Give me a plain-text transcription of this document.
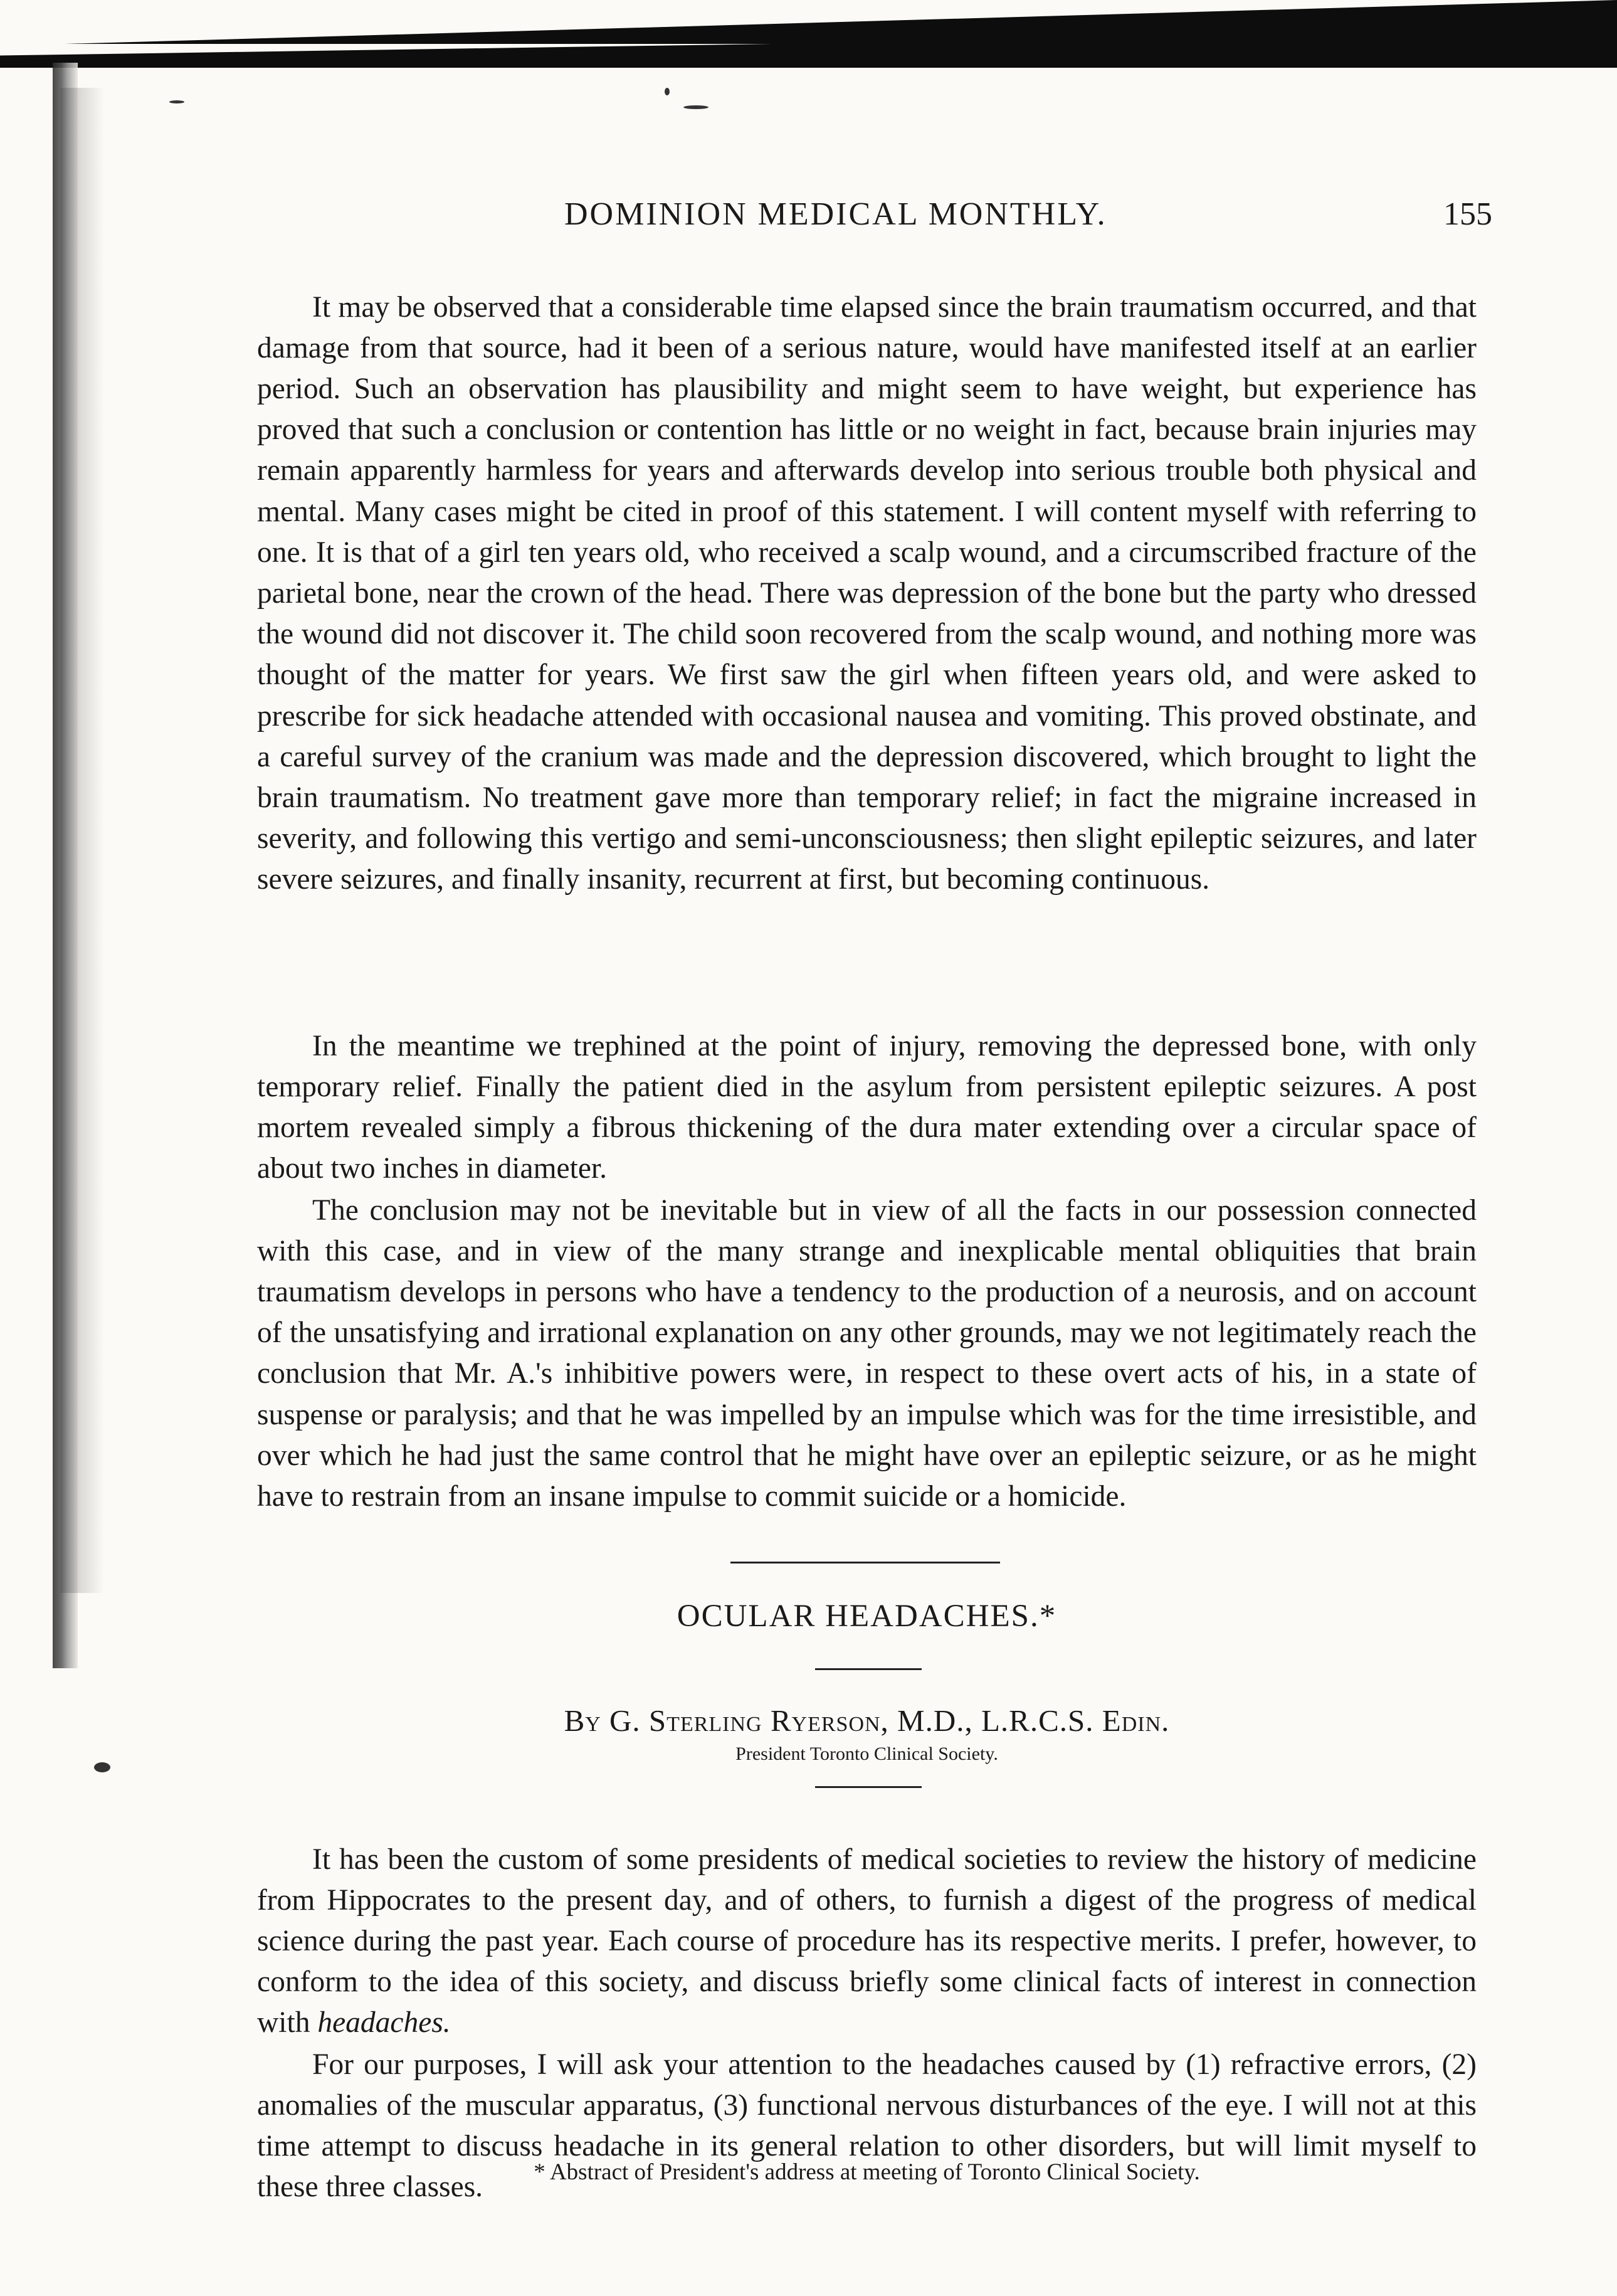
DOMINION MEDICAL MONTHLY.	155

It may be observed that a considerable time elapsed since the brain traumatism occurred, and that damage from that source, had it been of a serious nature, would have manifested itself at an earlier period. Such an observation has plausibility and might seem to have weight, but experience has proved that such a conclusion or contention has little or no weight in fact, because brain injuries may remain apparently harmless for years and afterwards develop into serious trouble both physical and mental. Many cases might be cited in proof of this statement. I will content myself with referring to one. It is that of a girl ten years old, who received a scalp wound, and a circumscribed fracture of the parietal bone, near the crown of the head. There was depression of the bone but the party who dressed the wound did not discover it. The child soon recovered from the scalp wound, and nothing more was thought of the matter for years. We first saw the girl when fifteen years old, and were asked to prescribe for sick headache attended with occasional nausea and vomiting. This proved obstinate, and a careful survey of the cranium was made and the depression discovered, which brought to light the brain traumatism. No treatment gave more than temporary relief; in fact the migraine increased in severity, and following this vertigo and semi-unconsciousness; then slight epileptic seizures, and later severe seizures, and finally insanity, recurrent at first, but becoming continuous.

In the meantime we trephined at the point of injury, removing the depressed bone, with only temporary relief. Finally the patient died in the asylum from persistent epileptic seizures. A post mortem revealed simply a fibrous thickening of the dura mater extending over a circular space of about two inches in diameter.

The conclusion may not be inevitable but in view of all the facts in our possession connected with this case, and in view of the many strange and inexplicable mental obliquities that brain traumatism develops in persons who have a tendency to the production of a neurosis, and on account of the unsatisfying and irrational explanation on any other grounds, may we not legitimately reach the conclusion that Mr. A.'s inhibitive powers were, in respect to these overt acts of his, in a state of suspense or paralysis; and that he was impelled by an impulse which was for the time irresistible, and over which he had just the same control that he might have over an epileptic seizure, or as he might have to restrain from an insane impulse to commit suicide or a homicide.

OCULAR HEADACHES.*
By G. Sterling Ryerson, M.D., L.R.C.S. Edin.
President Toronto Clinical Society.

It has been the custom of some presidents of medical societies to review the history of medicine from Hippocrates to the present day, and of others, to furnish a digest of the progress of medical science during the past year. Each course of procedure has its respective merits. I prefer, however, to conform to the idea of this society, and discuss briefly some clinical facts of interest in connection with headaches.

For our purposes, I will ask your attention to the headaches caused by (1) refractive errors, (2) anomalies of the muscular apparatus, (3) functional nervous disturbances of the eye. I will not at this time attempt to discuss headache in its general relation to other disorders, but will limit myself to these three classes.	* Abstract of President's address at meeting of Toronto Clinical Society.
